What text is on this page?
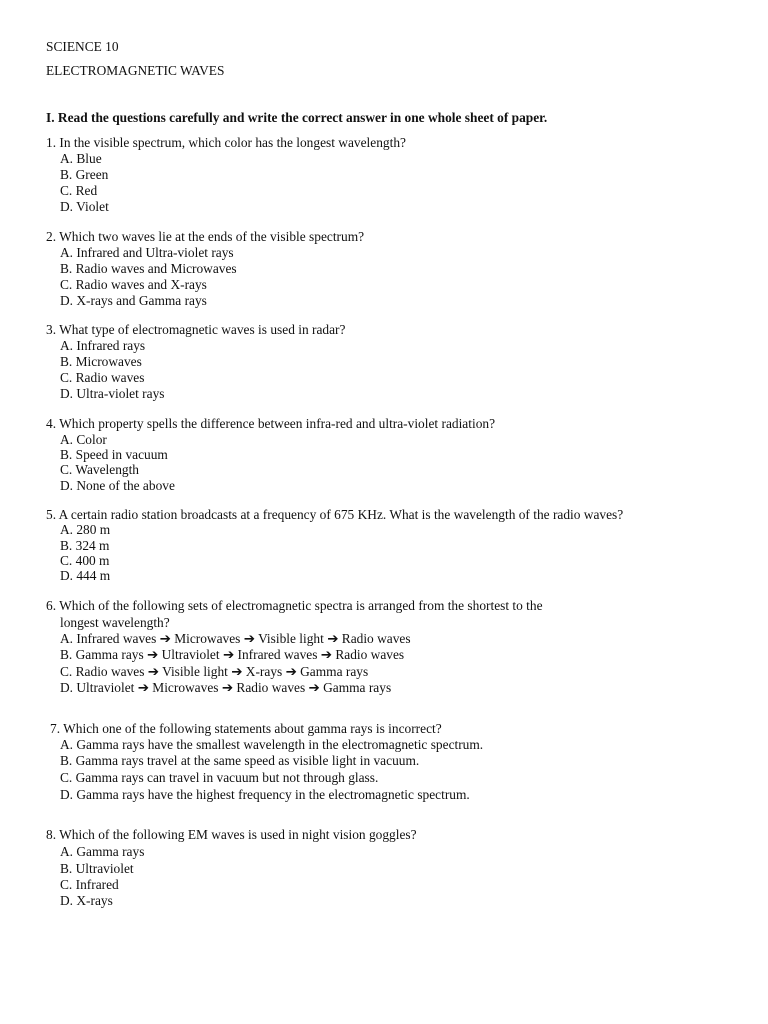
SCIENCE 10
ELECTROMAGNETIC WAVES
I. Read the questions carefully and write the correct answer in one whole sheet of paper.
1. In the visible spectrum, which color has the longest wavelength?
A. Blue
B. Green
C. Red
D. Violet
2. Which two waves lie at the ends of the visible spectrum?
A. Infrared and Ultra-violet rays
B. Radio waves and Microwaves
C. Radio waves and X-rays
D. X-rays and Gamma rays
3. What type of electromagnetic waves is used in radar?
A. Infrared rays
B. Microwaves
C. Radio waves
D. Ultra-violet rays
4. Which property spells the difference between infra-red and ultra-violet radiation?
A. Color
B. Speed in vacuum
C. Wavelength
D. None of the above
5. A certain radio station broadcasts at a frequency of 675 KHz. What is the wavelength of the radio waves?
A. 280 m
B. 324 m
C. 400 m
D. 444 m
6. Which of the following sets of electromagnetic spectra is arranged from the shortest to the
longest wavelength?
A. Infrared waves ➔ Microwaves ➔ Visible light ➔ Radio waves
B. Gamma rays ➔ Ultraviolet ➔ Infrared waves ➔ Radio waves
C. Radio waves ➔ Visible light ➔ X-rays ➔ Gamma rays
D. Ultraviolet ➔ Microwaves ➔ Radio waves ➔ Gamma rays
7. Which one of the following statements about gamma rays is incorrect?
A. Gamma rays have the smallest wavelength in the electromagnetic spectrum.
B. Gamma rays travel at the same speed as visible light in vacuum.
C. Gamma rays can travel in vacuum but not through glass.
D. Gamma rays have the highest frequency in the electromagnetic spectrum.
8. Which of the following EM waves is used in night vision goggles?
A. Gamma rays
B. Ultraviolet
C. Infrared
D. X-rays
